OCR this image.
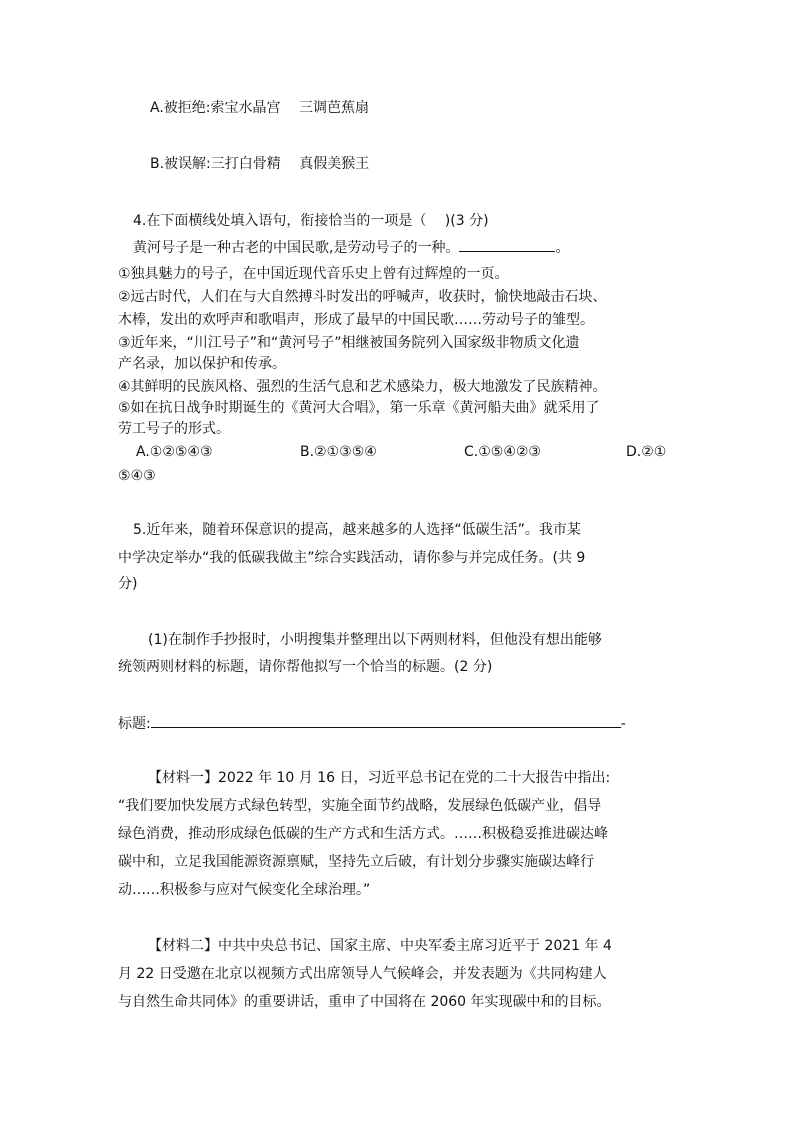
A.被拒绝:索宝水晶宫　 三调芭蕉扇
B.被误解:三打白骨精　 真假美猴王
4.在下面横线处填入语句，衔接恰当的一项是（　 )(3 分)
黄河号子是一种古老的中国民歌,是劳动号子的一种。	。
①独具魅力的号子，在中国近现代音乐史上曾有过辉煌的一页。
②远古时代，人们在与大自然搏斗时发出的呼喊声，收获时，愉快地敲击石块、
木棒，发出的欢呼声和歌唱声，形成了最早的中国民歌……劳动号子的雏型。
③近年来，“川江号子”和“黄河号子”相继被国务院列入国家级非物质文化遗
产名录，加以保护和传承。
④其鲜明的民族风格、强烈的生活气息和艺术感染力，极大地激发了民族精神。
⑤如在抗日战争时期诞生的《黄河大合唱》，第一乐章《黄河船夫曲》就采用了
劳工号子的形式。
A.①②⑤④③	B.②①③⑤④	C.①⑤④②③	D.②①
⑤④③
5.近年来，随着环保意识的提高，越来越多的人选择“低碳生活”。我市某
中学决定举办“我的低碳我做主”综合实践活动，请你参与并完成任务。(共 9
分)
(1)在制作手抄报时，小明搜集并整理出以下两则材料，但他没有想出能够
统领两则材料的标题，请你帮他拟写一个恰当的标题。(2 分)
标题:	-
【材料一】2022 年 10 月 16 日，习近平总书记在党的二十大报告中指出:
“我们要加快发展方式绿色转型，实施全面节约战略，发展绿色低碳产业，倡导
绿色消费，推动形成绿色低碳的生产方式和生活方式。……积极稳妥推进碳达峰
碳中和，立足我国能源资源禀赋，坚持先立后破，有计划分步骤实施碳达峰行
动……积极参与应对气候变化全球治理。”
【材料二】中共中央总书记、国家主席、中央军委主席习近平于 2021 年 4
月 22 日受邀在北京以视频方式出席领导人气候峰会，并发表题为《共同构建人
与自然生命共同体》的重要讲话，重申了中国将在 2060 年实现碳中和的目标。
